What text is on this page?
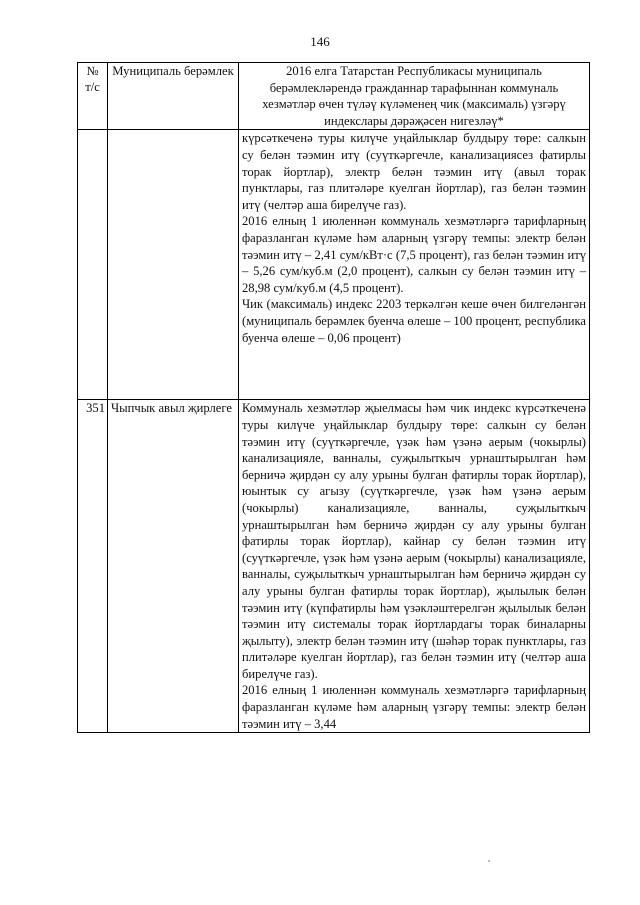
146
№ т/с	Муниципаль берәмлек	2016 елга Татарстан Республикасы муниципаль берәмлекләрендә гражданнар тарафыннан коммуналь хезмәтләр өчен түләү күләменең чик (максималь) үзгәрү индекслары дәрәҗәсен нигезләү*

		күрсәткеченә туры килүче уңайлыклар булдыру төре: салкын су белән тәэмин итү (суүткәргечле, канализациясез фатирлы торак йортлар), электр белән тәэмин итү (авыл торак пунктлары, газ плитәләре куелган йортлар), газ белән тәэмин итү (челтәр аша бирелүче газ).

2016 елның 1 июленнән коммуналь хезмәтләргә тарифларның фаразланган күләме һәм аларның үзгәрү темпы: электр белән тәэмин итү – 2,41 сум/кВт·с (7,5 процент), газ белән тәэмин итү – 5,26 сум/куб.м (2,0 процент), салкын су белән тәэмин итү – 28,98 сум/куб.м (4,5 процент).

Чик (максималь) индекс 2203 теркәлгән кеше өчен билгеләнгән (муниципаль берәмлек буенча өлеше – 100 процент, республика буенча өлеше – 0,06 процент)

351	Чыпчык авыл җирлеге	Коммуналь хезмәтләр җыелмасы һәм чик индекс күрсәткеченә туры килүче уңайлыклар булдыру төре: салкын су белән тәэмин итү (суүткәргечле, үзәк һәм үзәнә аерым (чокырлы) канализацияле, ванналы, суҗылыткыч урнаштырылган һәм берничә җирдән су алу урыны булган фатирлы торак йортлар), юынтык су агызу (суүткәргечле, үзәк һәм үзәнә аерым (чокырлы) канализацияле, ванналы, суҗылыткыч урнаштырылган һәм берничә җирдән су алу урыны булган фатирлы торак йортлар), кайнар су белән тәэмин итү (суүткәргечле, үзәк һәм үзәнә аерым (чокырлы) канализацияле, ванналы, суҗылыткыч урнаштырылган һәм берничә җирдән су алу урыны булган фатирлы торак йортлар), җылылык белән тәэмин итү (күпфатирлы һәм үзәкләштерелгән җылылык белән тәэмин итү системалы торак йортлардагы торак биналарны җылыту), электр белән тәэмин итү (шәһәр торак пунктлары, газ плитәләре куелган йортлар), газ белән тәэмин итү (челтәр аша бирелүче газ).

2016 елның 1 июленнән коммуналь хезмәтләргә тарифларның фаразланган күләме һәм аларның үзгәрү темпы: электр белән тәэмин итү – 3,44
